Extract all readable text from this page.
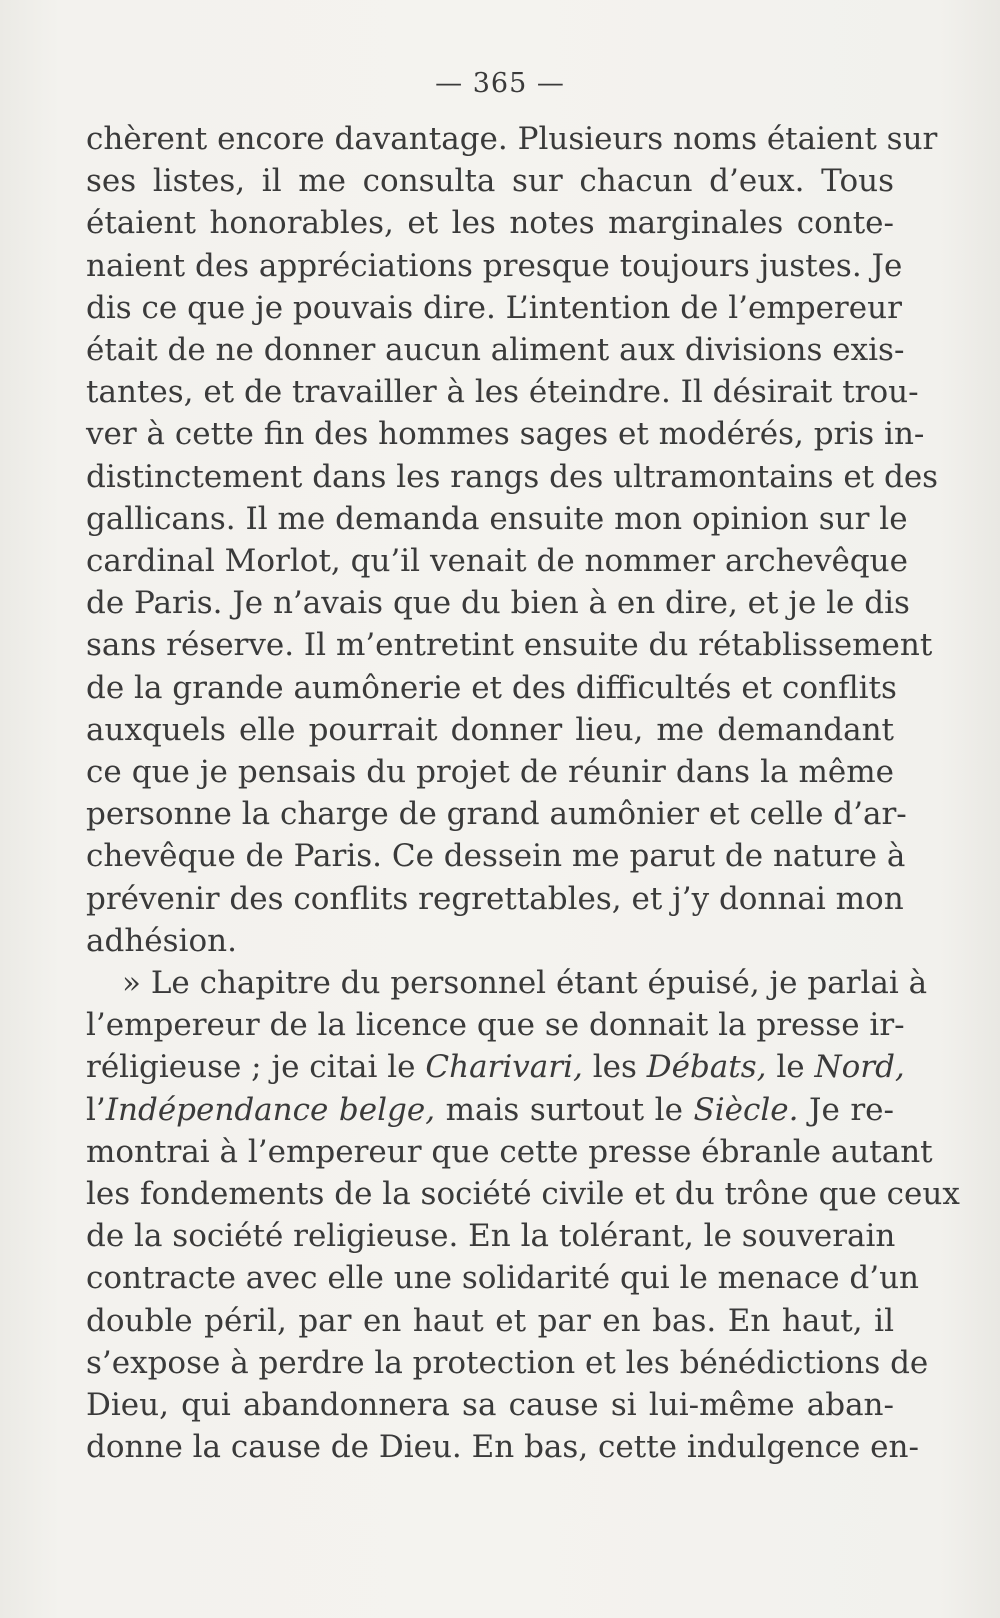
— 365 —
chèrent encore davantage. Plusieurs noms étaient sur
ses listes, il me consulta sur chacun d’eux. Tous
étaient honorables, et les notes marginales conte-
naient des appréciations presque toujours justes. Je
dis ce que je pouvais dire. L’intention de l’empereur
était de ne donner aucun aliment aux divisions exis-
tantes, et de travailler à les éteindre. Il désirait trou-
ver à cette fin des hommes sages et modérés, pris in-
distinctement dans les rangs des ultramontains et des
gallicans. Il me demanda ensuite mon opinion sur le
cardinal Morlot, qu’il venait de nommer archevêque
de Paris. Je n’avais que du bien à en dire, et je le dis
sans réserve. Il m’entretint ensuite du rétablissement
de la grande aumônerie et des difficultés et conflits
auxquels elle pourrait donner lieu, me demandant
ce que je pensais du projet de réunir dans la même
personne la charge de grand aumônier et celle d’ar-
chevêque de Paris. Ce dessein me parut de nature à
prévenir des conflits regrettables, et j’y donnai mon
adhésion.
» Le chapitre du personnel étant épuisé, je parlai à
l’empereur de la licence que se donnait la presse ir-
réligieuse ; je citai le Charivari, les Débats, le Nord,
l’Indépendance belge, mais surtout le Siècle. Je re-
montrai à l’empereur que cette presse ébranle autant
les fondements de la société civile et du trône que ceux
de la société religieuse. En la tolérant, le souverain
contracte avec elle une solidarité qui le menace d’un
double péril, par en haut et par en bas. En haut, il
s’expose à perdre la protection et les bénédictions de
Dieu, qui abandonnera sa cause si lui-même aban-
donne la cause de Dieu. En bas, cette indulgence en-
